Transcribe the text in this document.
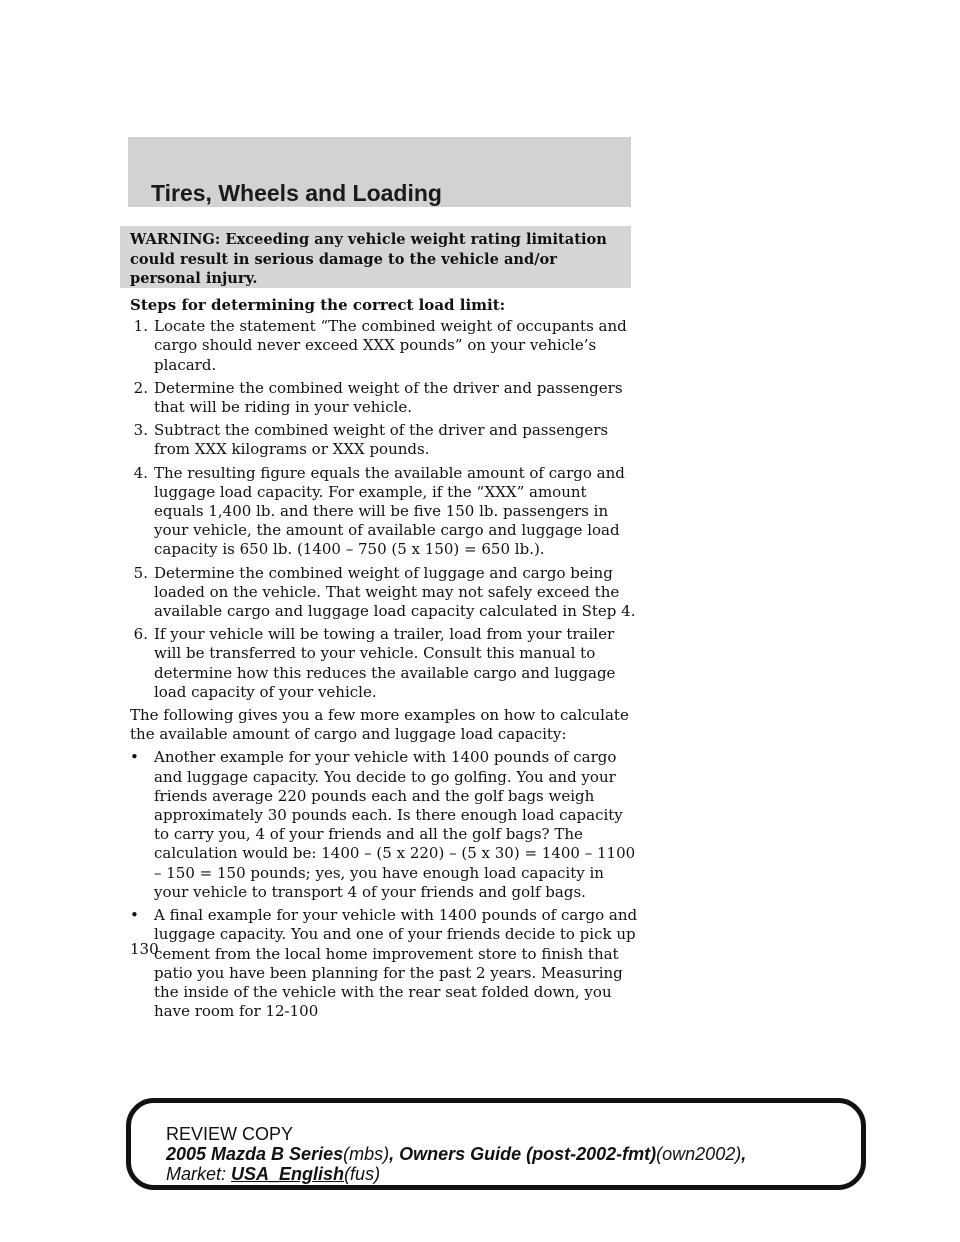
Tires, Wheels and Loading
WARNING: Exceeding any vehicle weight rating limitation could result in serious damage to the vehicle and/or personal injury.

Steps for determining the correct load limit:

1 . Locate the statement “The combined weight of occupants and cargo should never exceed XXX pounds” on your vehicle’s placard.
2 . Determine the combined weight of the driver and passengers that will be riding in your vehicle.
3 . Subtract the combined weight of the driver and passengers from XXX kilograms or XXX pounds.
4 . The resulting figure equals the available amount of cargo and luggage load capacity. For example, if the “XXX” amount equals 1,400 lb. and there will be five 150 lb. passengers in your vehicle, the amount of available cargo and luggage load capacity is 650 lb. (1400 – 750 (5 x 150) = 650 lb.).
5 . Determine the combined weight of luggage and cargo being loaded on the vehicle. That weight may not safely exceed the available cargo and luggage load capacity calculated in Step 4.
6 . If your vehicle will be towing a trailer, load from your trailer will be transferred to your vehicle. Consult this manual to determine how this reduces the available cargo and luggage load capacity of your vehicle.

The following gives you a few more examples on how to calculate the available amount of cargo and luggage load capacity:

• Another example for your vehicle with 1400 pounds of cargo and luggage capacity. You decide to go golfing. You and your friends average 220 pounds each and the golf bags weigh approximately 30 pounds each. Is there enough load capacity to carry you, 4 of your friends and all the golf bags? The calculation would be: 1400 – (5 x 220) – (5 x 30) = 1400 – 1100 – 150 = 150 pounds; yes, you have enough load capacity in your vehicle to transport 4 of your friends and golf bags.
• A final example for your vehicle with 1400 pounds of cargo and luggage capacity. You and one of your friends decide to pick up cement from the local home improvement store to finish that patio you have been planning for the past 2 years. Measuring the inside of the vehicle with the rear seat folded down, you have room for 12-100
130
REVIEW COPY
2005 Mazda B Series(mbs), Owners Guide (post-2002-fmt)(own2002),
Market: USA_English(fus)
